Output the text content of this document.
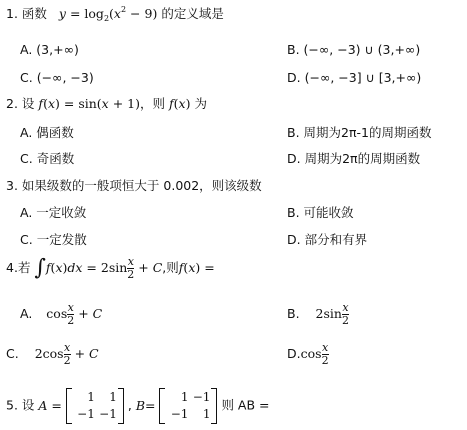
1. 函数 $y = \log_2(x^2 - 9)$ 的定义域是
A. (3,+∞)	B. (−∞, −3) ∪ (3,+∞)
C. (−∞, −3)	D. (−∞, −3] ∪ [3,+∞)
2. 设 f(x) = sin(x + 1)，则 f(x) 为
A. 偶函数	B. 周期为2π-1的周期函数
C. 奇函数	D. 周期为2π的周期函数
3. 如果级数的一般项恒大于 0.002，则该级数
A. 一定收敛	B. 可能收敛
C. 一定发散	D. 部分和有界
4.若 $\int f(x)dx = 2\sin \frac{x}{2} + C$,则f(x) =
A. $\cos \frac{x}{2} + C$	B. $2\sin \frac{x}{2}$
C. $2\cos \frac{x}{2} + C$	$D.\cos \frac{x}{2}$
5. 设 A =
1	1
−1 −1
, B=
1 −1
−1	1
则 AB =
